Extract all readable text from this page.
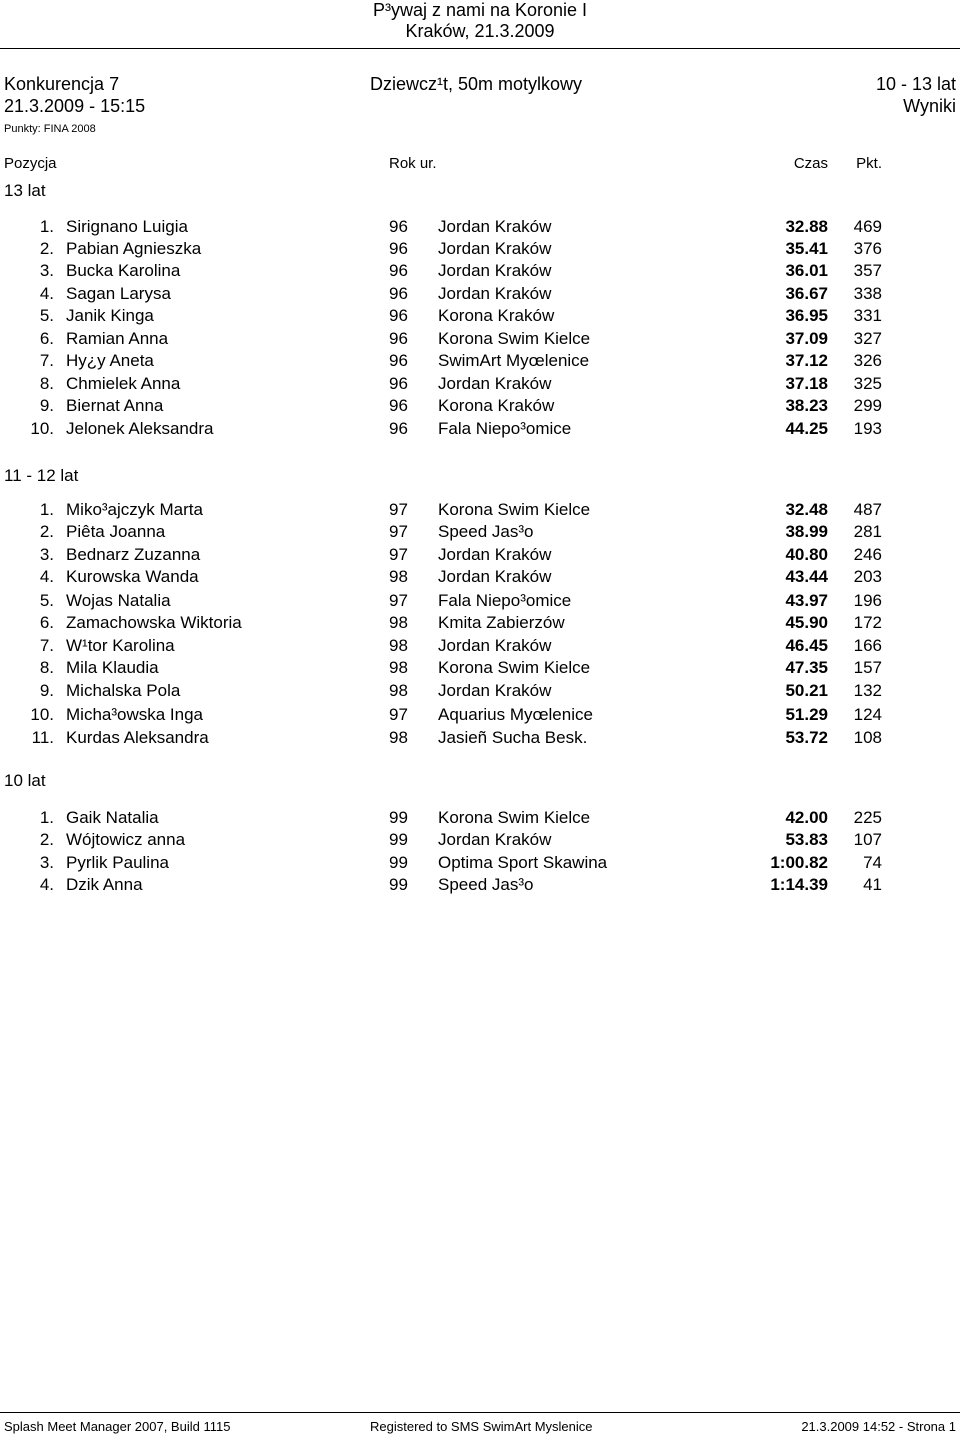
P³ywaj z nami na Koronie I
Kraków, 21.3.2009
Konkurencja 7	Dziewcz¹t, 50m motylkowy	10 - 13 lat
21.3.2009 - 15:15	Wyniki
Punkty: FINA 2008
Pozycja	Rok ur.	Czas Pkt.
13 lat
1. Sirignano Luigia	96 Jordan Kraków	32.88 469
2. Pabian Agnieszka	96 Jordan Kraków	35.41 376
3. Bucka Karolina	96 Jordan Kraków	36.01 357
4. Sagan Larysa	96 Jordan Kraków	36.67 338
5. Janik Kinga	96 Korona Kraków	36.95 331
6. Ramian Anna	96 Korona Swim Kielce	37.09 327
7. Hy¿y Aneta	96 SwimArt Myœlenice	37.12 326
8. Chmielek Anna	96 Jordan Kraków	37.18 325
9. Biernat Anna	96 Korona Kraków	38.23 299
10. Jelonek Aleksandra	96 Fala Niepo³omice	44.25 193
11 - 12 lat
1. Miko³ajczyk Marta	97 Korona Swim Kielce	32.48 487
2. Piêta Joanna	97 Speed Jas³o	38.99 281
3. Bednarz Zuzanna	97 Jordan Kraków	40.80 246
4. Kurowska Wanda	98 Jordan Kraków	43.44 203
5. Wojas Natalia	97 Fala Niepo³omice	43.97 196
6. Zamachowska Wiktoria	98 Kmita Zabierzów	45.90 172
7. W¹tor Karolina	98 Jordan Kraków	46.45 166
8. Mila Klaudia	98 Korona Swim Kielce	47.35 157
9. Michalska Pola	98 Jordan Kraków	50.21 132
10. Micha³owska Inga	97 Aquarius Myœlenice	51.29 124
11. Kurdas Aleksandra	98 Jasieñ Sucha Besk.	53.72 108
10 lat
1. Gaik Natalia	99 Korona Swim Kielce	42.00 225
2. Wójtowicz anna	99 Jordan Kraków	53.83 107
3. Pyrlik Paulina	99 Optima Sport Skawina	1:00.82 74
4. Dzik Anna	99 Speed Jas³o	1:14.39 41
Splash Meet Manager 2007, Build 1115	Registered to SMS SwimArt Myslenice	21.3.2009 14:52 - Strona 1
